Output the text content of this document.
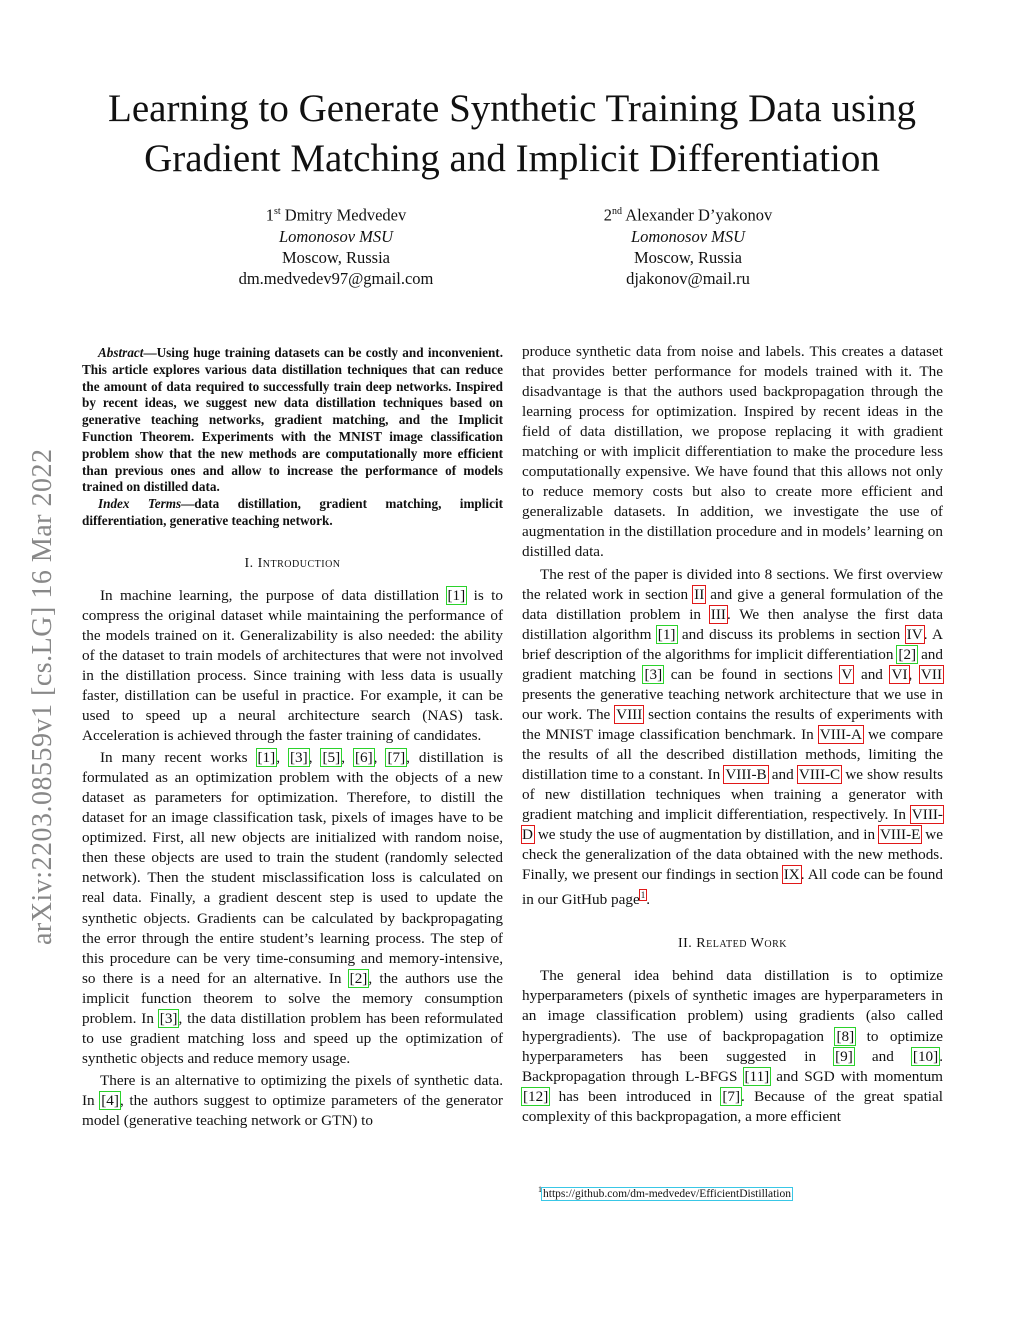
arXiv:2203.08559v1 [cs.LG] 16 Mar 2022
Learning to Generate Synthetic Training Data using
Gradient Matching and Implicit Differentiation
1st Dmitry Medvedev
Lomonosov MSU
Moscow, Russia
dm.medvedev97@gmail.com
2nd Alexander D’yakonov
Lomonosov MSU
Moscow, Russia
djakonov@mail.ru

Abstract—Using huge training datasets can be costly and inconvenient. This article explores various data distillation techniques that can reduce the amount of data required to successfully train deep networks. Inspired by recent ideas, we suggest new data distillation techniques based on generative teaching networks, gradient matching, and the Implicit Function Theorem. Experiments with the MNIST image classification problem show that the new methods are computationally more efficient than previous ones and allow to increase the performance of models trained on distilled data.

Index Terms—data distillation, gradient matching, implicit differentiation, generative teaching network.

I. Introduction

In machine learning, the purpose of data distillation [1] is to compress the original dataset while maintaining the performance of the models trained on it. Generalizability is also needed: the ability of the dataset to train models of architectures that were not involved in the distillation process. Since training with less data is usually faster, distillation can be useful in practice. For example, it can be used to speed up a neural architecture search (NAS) task. Acceleration is achieved through the faster training of candidates.

In many recent works [1], [3], [5], [6], [7], distillation is formulated as an optimization problem with the objects of a new dataset as parameters for optimization. Therefore, to distill the dataset for an image classification task, pixels of images have to be optimized. First, all new objects are initialized with random noise, then these objects are used to train the student (randomly selected network). Then the student misclassification loss is calculated on real data. Finally, a gradient descent step is used to update the synthetic objects. Gradients can be calculated by backpropagating the error through the entire student’s learning process. The step of this procedure can be very time-consuming and memory-intensive, so there is a need for an alternative. In [2], the authors use the implicit function theorem to solve the memory consumption problem. In [3], the data distillation problem has been reformulated to use gradient matching loss and speed up the optimization of synthetic objects and reduce memory usage.

There is an alternative to optimizing the pixels of synthetic data. In [4], the authors suggest to optimize parameters of the generator model (generative teaching network or GTN) to

produce synthetic data from noise and labels. This creates a dataset that provides better performance for models trained with it. The disadvantage is that the authors used backpropagation through the learning process for optimization. Inspired by recent ideas in the field of data distillation, we propose replacing it with gradient matching or with implicit differentiation to make the procedure less computationally expensive. We have found that this allows not only to reduce memory costs but also to create more efficient and generalizable datasets. In addition, we investigate the use of augmentation in the distillation procedure and in models’ learning on distilled data.

The rest of the paper is divided into 8 sections. We first overview the related work in section II and give a general formulation of the data distillation problem in III. We then analyse the first data distillation algorithm [1] and discuss its problems in section IV. A brief description of the algorithms for implicit differentiation [2] and gradient matching [3] can be found in sections V and VI, VII presents the generative teaching network architecture that we use in our work. The VIII section contains the results of experiments with the MNIST image classification benchmark. In VIII-A we compare the results of all the described distillation methods, limiting the distillation time to a constant. In VIII-B and VIII-C we show results of new distillation techniques when training a generator with gradient matching and implicit differentiation, respectively. In VIII-D we study the use of augmentation by distillation, and in VIII-E we check the generalization of the data obtained with the new methods. Finally, we present our findings in section IX. All code can be found in our GitHub page$^1$.

II. Related Work

The general idea behind data distillation is to optimize hyperparameters (pixels of synthetic images are hyperparameters in an image classification problem) using gradients (also called hypergradients). The use of backpropagation [8] to optimize hyperparameters has been suggested in [9] and [10]. Backpropagation through L-BFGS [11] and SGD with momentum [12] has been introduced in [7]. Because of the great spatial complexity of this backpropagation, a more efficient

$^1$https://github.com/dm-medvedev/EfficientDistillation
